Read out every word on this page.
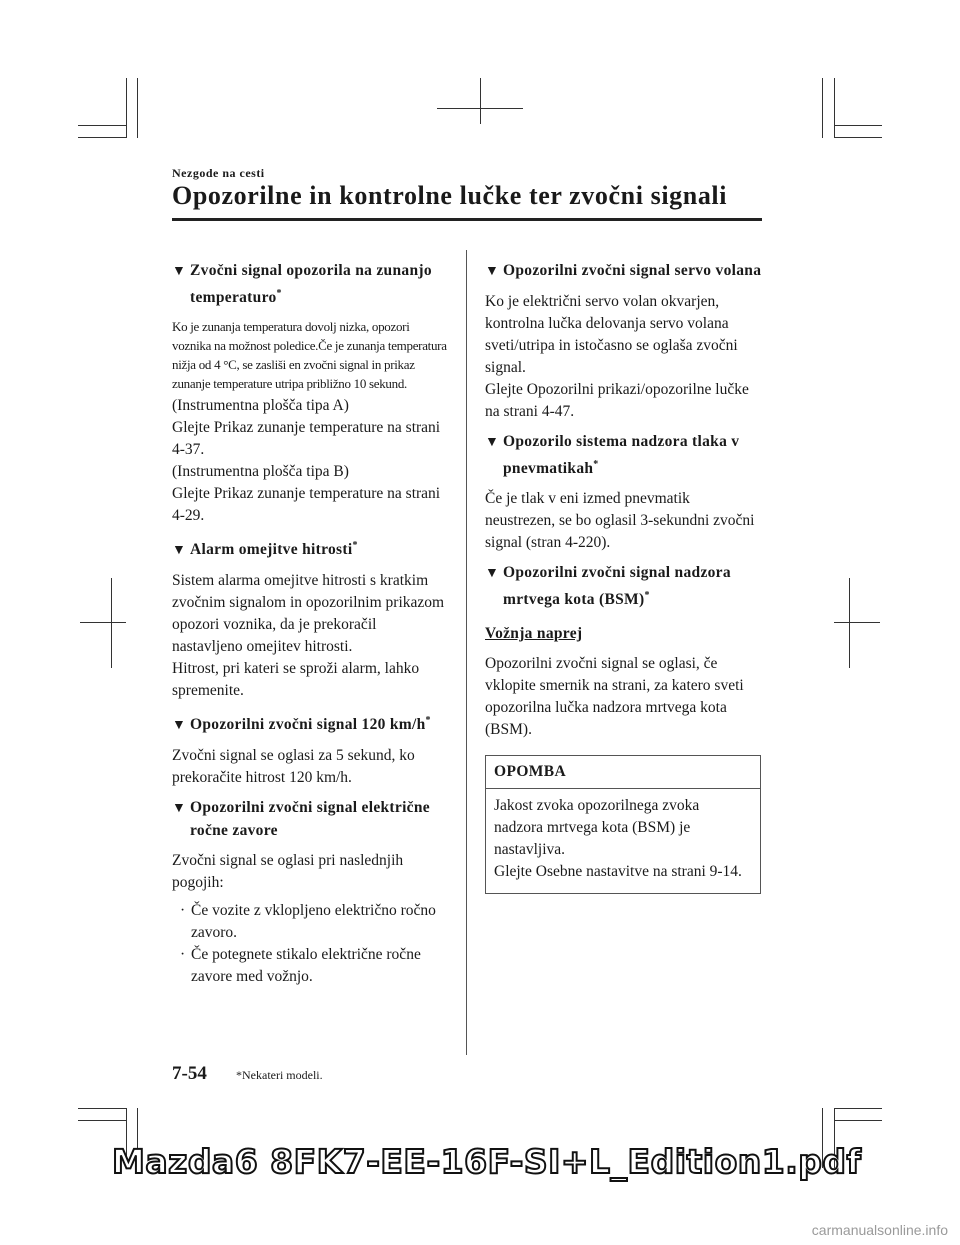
Nezgode na cesti
Opozorilne in kontrolne lučke ter zvočni signali
▼ Zvočni signal opozorila na zunanjo temperaturo*

Ko je zunanja temperatura dovolj nizka, opozori voznika na možnost poledice.Če je zunanja temperatura nižja od 4 °C, se zasliši en zvočni signal in prikaz zunanje temperature utripa približno 10 sekund.

(Instrumentna plošča tipa A)
Glejte Prikaz zunanje temperature na strani 4-37.
(Instrumentna plošča tipa B)
Glejte Prikaz zunanje temperature na strani 4-29.
▼ Alarm omejitve hitrosti*
Sistem alarma omejitve hitrosti s kratkim zvočnim signalom in opozorilnim prikazom opozori voznika, da je prekoračil nastavljeno omejitev hitrosti.
Hitrost, pri kateri se sproži alarm, lahko spremenite.
▼ Opozorilni zvočni signal 120 km/h*

Zvočni signal se oglasi za 5 sekund, ko prekoračite hitrost 120 km/h.

▼ Opozorilni zvočni signal električne ročne zavore

Zvočni signal se oglasi pri naslednjih pogojih:

· Če vozite z vklopljeno električno ročno zavoro.
· Če potegnete stikalo električne ročne zavore med vožnjo.
▼ Opozorilni zvočni signal servo volana
Ko je električni servo volan okvarjen, kontrolna lučka delovanja servo volana sveti/utripa in istočasno se oglaša zvočni signal.
Glejte Opozorilni prikazi/opozorilne lučke na strani 4-47.
▼ Opozorilo sistema nadzora tlaka v pnevmatikah*

Če je tlak v eni izmed pnevmatik neustrezen, se bo oglasil 3-sekundni zvočni signal (stran 4-220).

▼ Opozorilni zvočni signal nadzora mrtvega kota (BSM)*
Vožnja naprej

Opozorilni zvočni signal se oglasi, če vklopite smernik na strani, za katero sveti opozorilna lučka nadzora mrtvega kota (BSM).

OPOMBA
Jakost zvoka opozorilnega zvoka nadzora mrtvega kota (BSM) je nastavljiva.
Glejte Osebne nastavitve na strani 9-14.
7-54 *Nekateri modeli.
Mazda6 8FK7-EE-16F-SI+L_Edition1.pdf
carmanualsonline.info
